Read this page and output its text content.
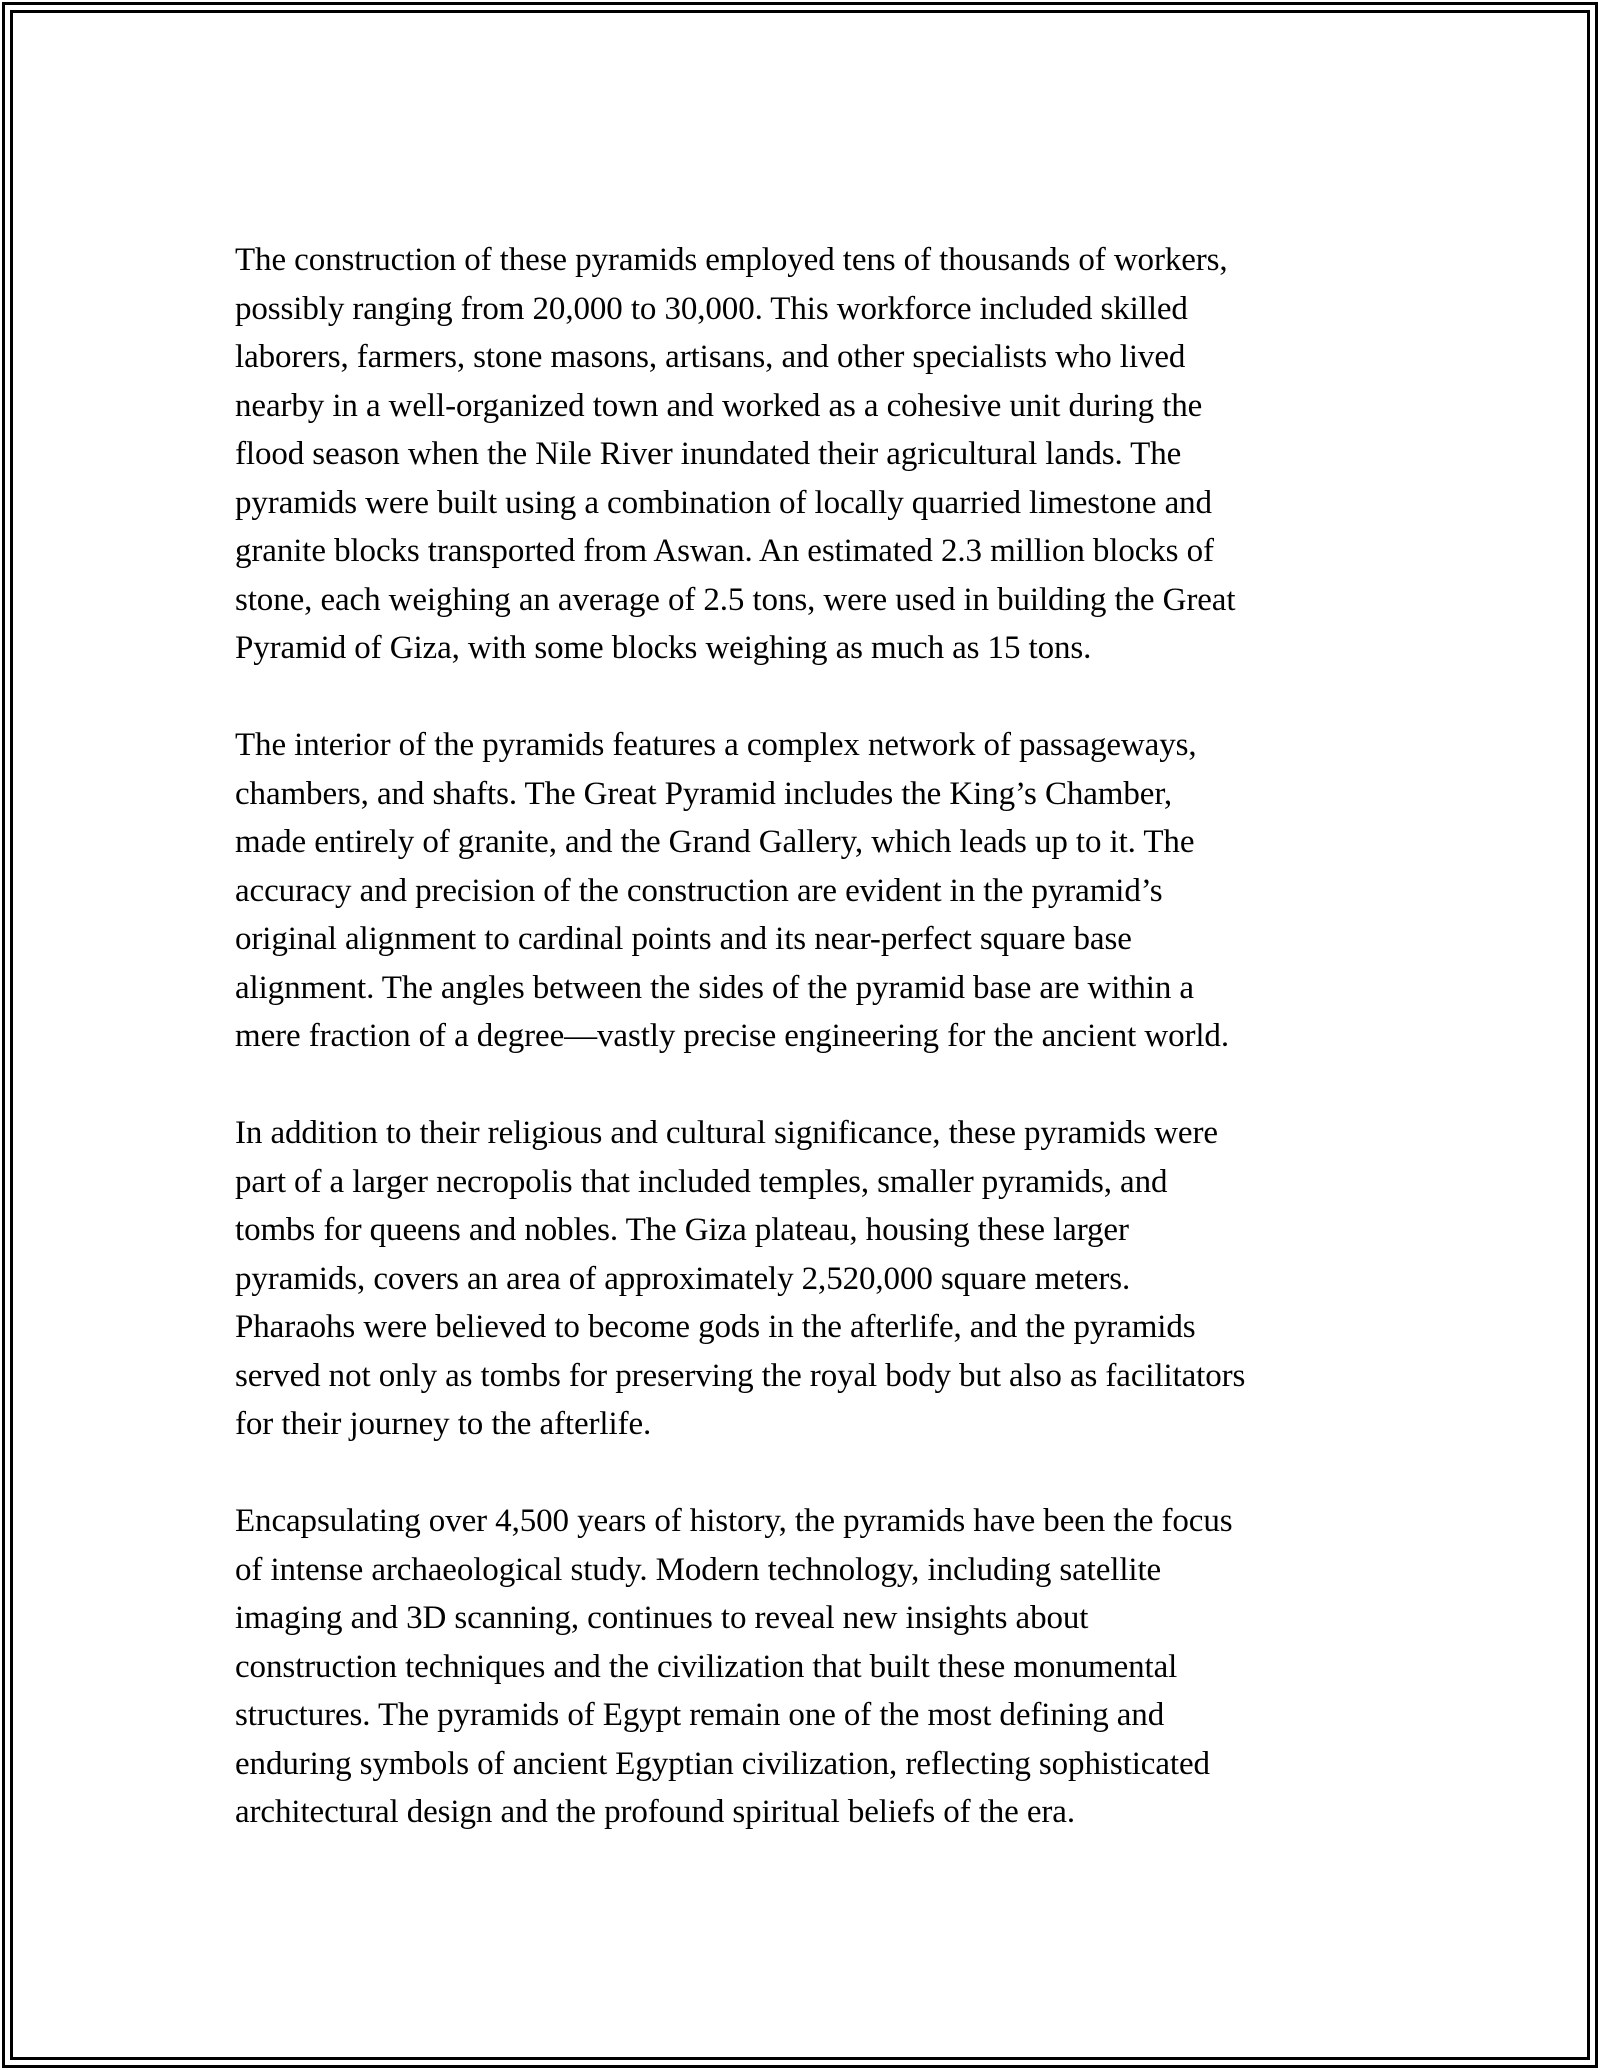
The construction of these pyramids employed tens of thousands of workers,
possibly ranging from 20,000 to 30,000. This workforce included skilled
laborers, farmers, stone masons, artisans, and other specialists who lived
nearby in a well-organized town and worked as a cohesive unit during the
flood season when the Nile River inundated their agricultural lands. The
pyramids were built using a combination of locally quarried limestone and
granite blocks transported from Aswan. An estimated 2.3 million blocks of
stone, each weighing an average of 2.5 tons, were used in building the Great
Pyramid of Giza, with some blocks weighing as much as 15 tons.
The interior of the pyramids features a complex network of passageways,
chambers, and shafts. The Great Pyramid includes the King’s Chamber,
made entirely of granite, and the Grand Gallery, which leads up to it. The
accuracy and precision of the construction are evident in the pyramid’s
original alignment to cardinal points and its near-perfect square base
alignment. The angles between the sides of the pyramid base are within a
mere fraction of a degree—vastly precise engineering for the ancient world.
In addition to their religious and cultural significance, these pyramids were
part of a larger necropolis that included temples, smaller pyramids, and
tombs for queens and nobles. The Giza plateau, housing these larger
pyramids, covers an area of approximately 2,520,000 square meters.
Pharaohs were believed to become gods in the afterlife, and the pyramids
served not only as tombs for preserving the royal body but also as facilitators
for their journey to the afterlife.
Encapsulating over 4,500 years of history, the pyramids have been the focus
of intense archaeological study. Modern technology, including satellite
imaging and 3D scanning, continues to reveal new insights about
construction techniques and the civilization that built these monumental
structures. The pyramids of Egypt remain one of the most defining and
enduring symbols of ancient Egyptian civilization, reflecting sophisticated
architectural design and the profound spiritual beliefs of the era.
